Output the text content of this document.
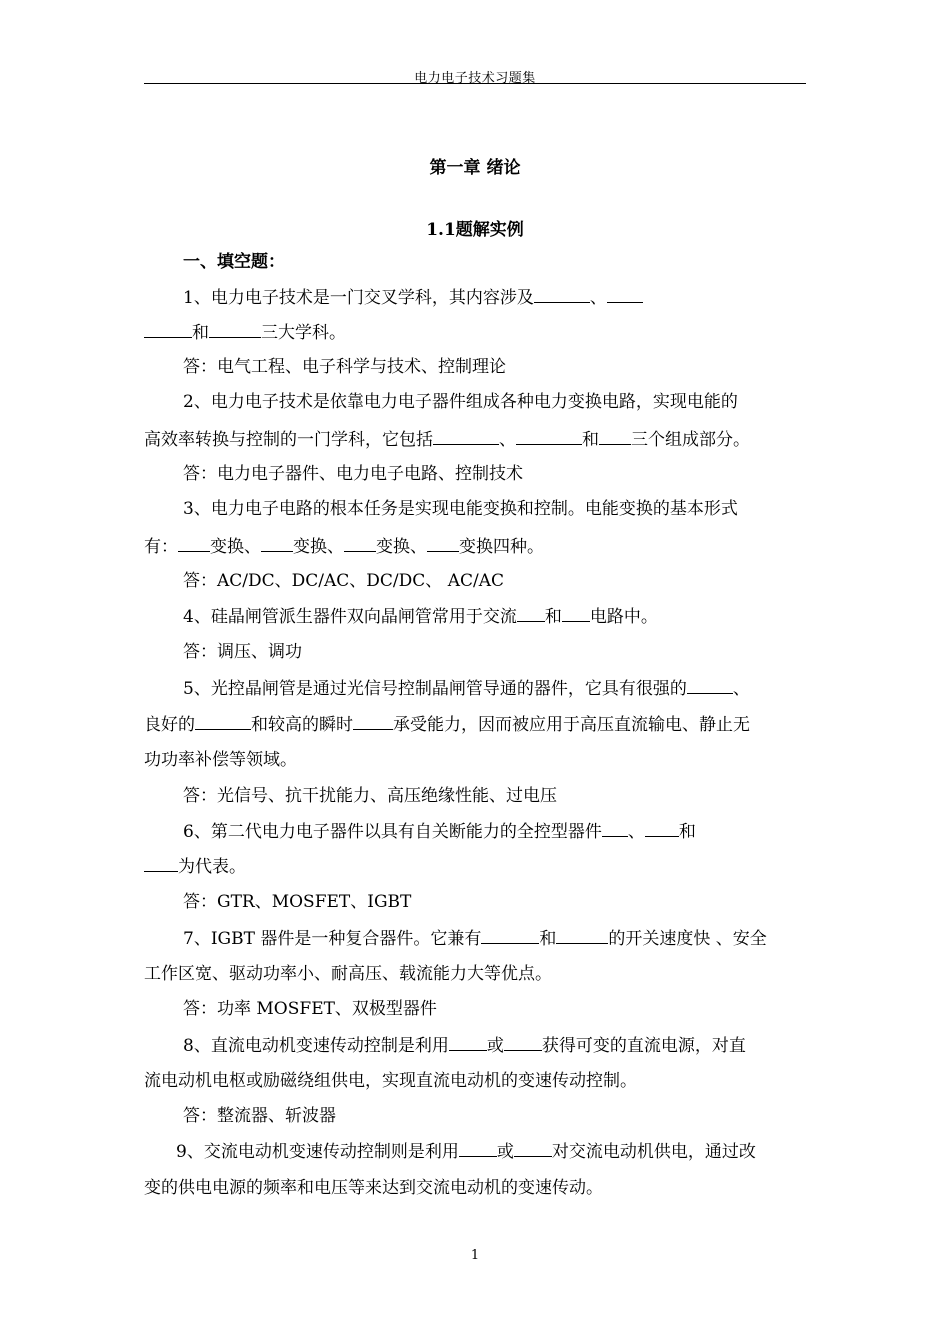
电力电子技术习题集
第一章 绪论
1.1题解实例
一、填空题：
1、电力电子技术是一门交叉学科，其内容涉及	、
和	三大学科。
答：电气工程、电子科学与技术、控制理论
2、电力电子技术是依靠电力电子器件组成各种电力变换电路，实现电能的
高效率转换与控制的一门学科，它包括	、	和 三个组成部分。
答：电力电子器件、电力电子电路、控制技术
3、电力电子电路的根本任务是实现电能变换和控制。电能变换的基本形式
有： 变换、 变换、 变换、 变换四种。
答：AC/DC、DC/AC、DC/DC、 AC/AC
4、硅晶闸管派生器件双向晶闸管常用于交流 和 电路中。
答：调压、调功
5、光控晶闸管是通过光信号控制晶闸管导通的器件，它具有很强的	、
良好的	和较高的瞬时 承受能力，因而被应用于高压直流输电、静止无
功功率补偿等领域。
答：光信号、抗干扰能力、高压绝缘性能、过电压
6、第二代电力电子器件以具有自关断能力的全控型器件 、 和
为代表。
答：GTR、MOSFET、IGBT
7、IGBT 器件是一种复合器件。它兼有	和	的开关速度快 、安全
工作区宽、驱动功率小、耐高压、载流能力大等优点。
答：功率 MOSFET、双极型器件
8、直流电动机变速传动控制是利用 或 获得可变的直流电源，对直
流电动机电枢或励磁绕组供电，实现直流电动机的变速传动控制。
答：整流器、斩波器
9、交流电动机变速传动控制则是利用 或 对交流电动机供电，通过改
变的供电电源的频率和电压等来达到交流电动机的变速传动。
1
